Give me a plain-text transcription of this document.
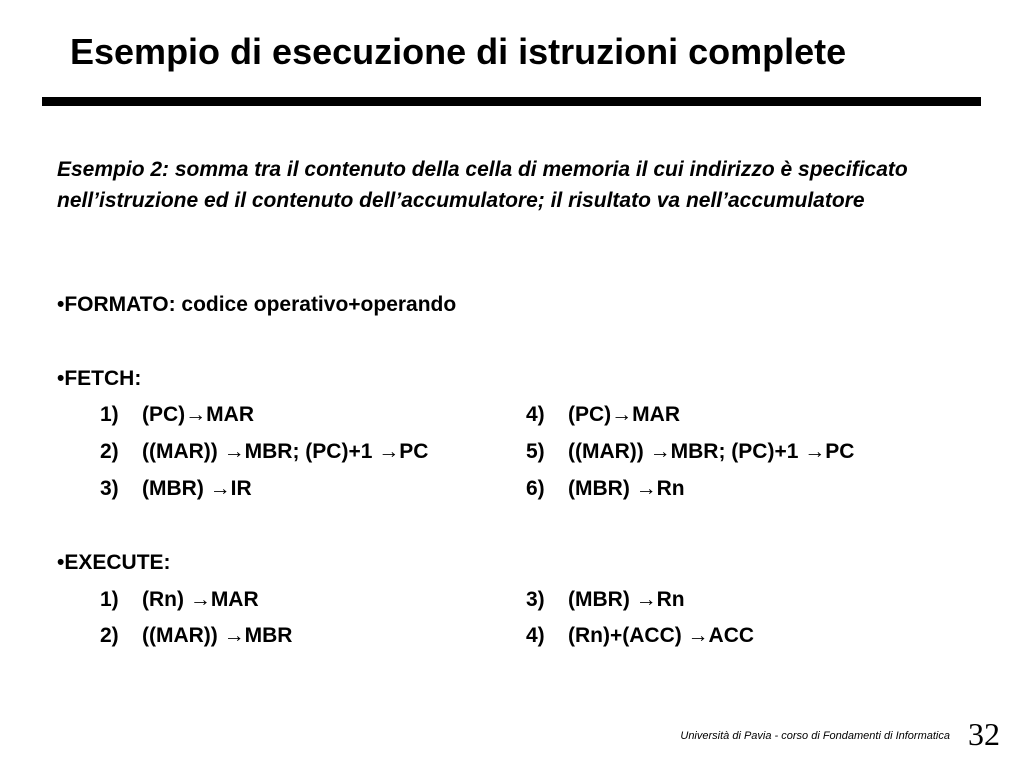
Esempio di esecuzione di istruzioni complete
Esempio 2: somma tra il contenuto della cella di memoria il cui indirizzo è specificato nell’istruzione ed il contenuto dell’accumulatore; il risultato va nell’accumulatore
•FORMATO: codice operativo+operando
•FETCH:
1) (PC)→MAR
2) ((MAR)) →MBR; (PC)+1 →PC
3) (MBR) →IR
4) (PC)→MAR
5)((MAR)) →MBR; (PC)+1 →PC
6) (MBR) →Rn
•EXECUTE:
1) (Rn) →MAR
2) ((MAR)) →MBR
3) (MBR) →Rn
4) (Rn)+(ACC) →ACC
Università di Pavia - corso di Fondamenti di Informatica 32
